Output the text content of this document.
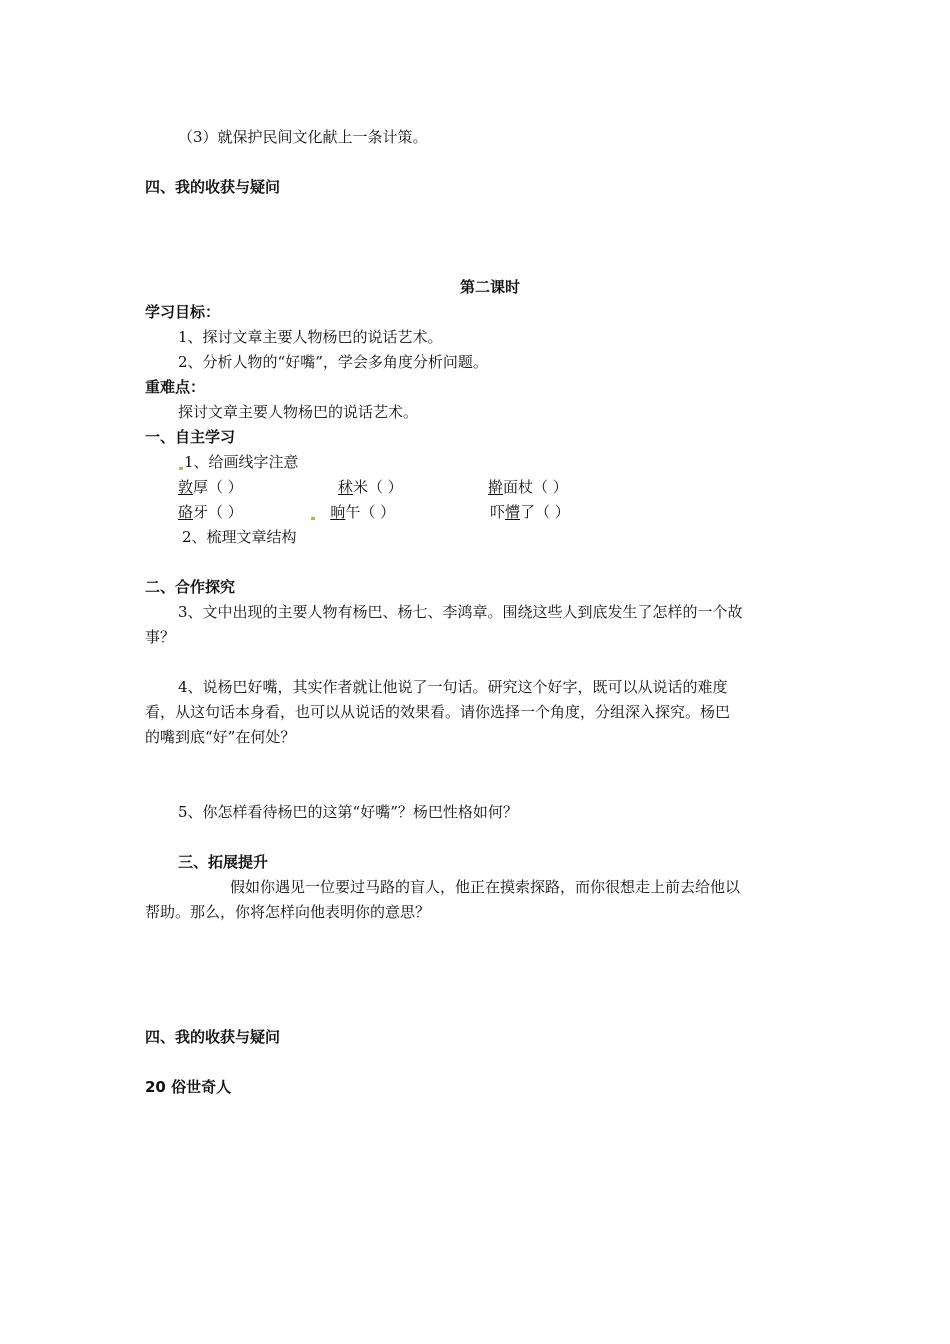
（3）就保护民间文化献上一条计策。
四、我的收获与疑问
第二课时
学习目标：
1、探讨文章主要人物杨巴的说话艺术。
2、分析人物的“好嘴”，学会多角度分析问题。
重难点：
探讨文章主要人物杨巴的说话艺术。
一、自主学习
1、给画线字注意
敦厚（ ）	秫米（ ）	擀面杖（ ）
硌牙（ ）	晌午（ ）	吓懵了（ ）
2、梳理文章结构
二、合作探究
3、文中出现的主要人物有杨巴、杨七、李鸿章。围绕这些人到底发生了怎样的一个故
事？
4、说杨巴好嘴，其实作者就让他说了一句话。研究这个好字，既可以从说话的难度
看，从这句话本身看，也可以从说话的效果看。请你选择一个角度，分组深入探究。杨巴
的嘴到底“好”在何处？
5、你怎样看待杨巴的这第“好嘴”？杨巴性格如何？
三、拓展提升
假如你遇见一位要过马路的盲人，他正在摸索探路，而你很想走上前去给他以
帮助。那么，你将怎样向他表明你的意思？
四、我的收获与疑问
20 俗世奇人
